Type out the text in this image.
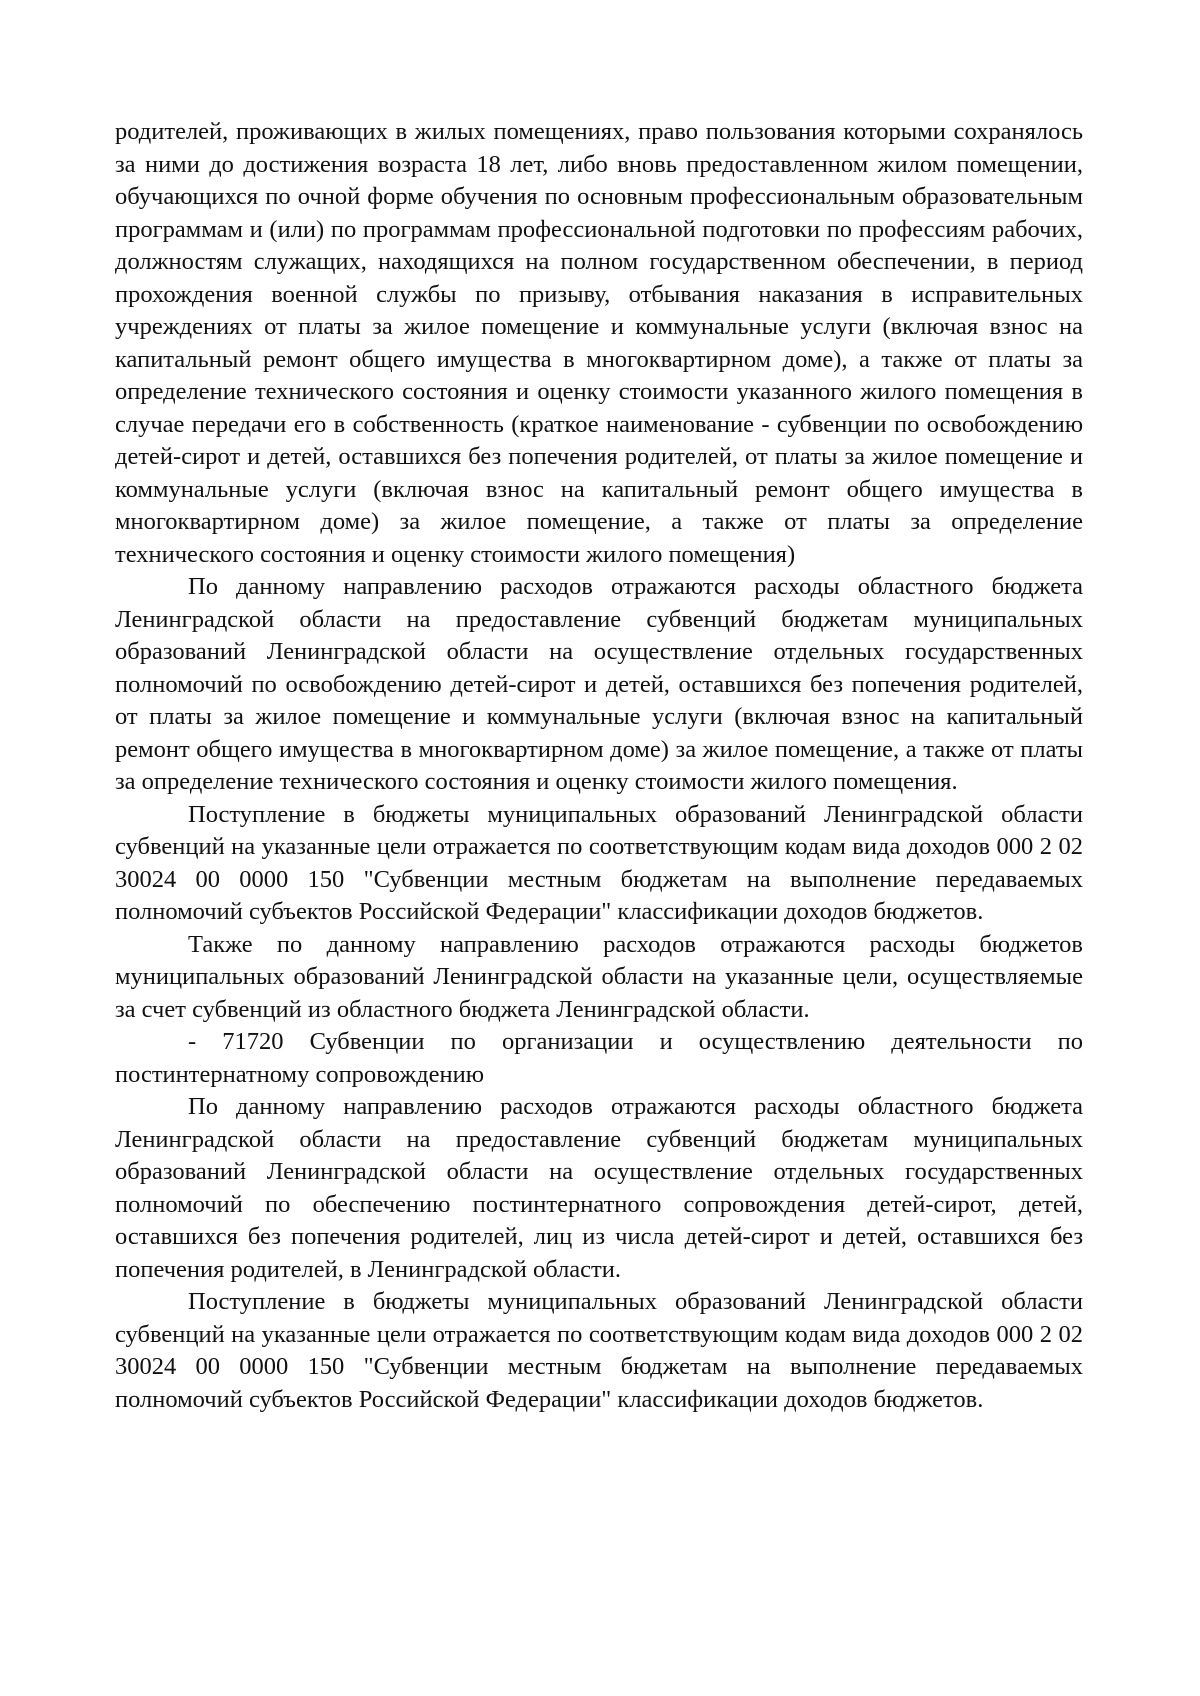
родителей, проживающих в жилых помещениях, право пользования которыми сохранялось за ними до достижения возраста 18 лет, либо вновь предоставленном жилом помещении, обучающихся по очной форме обучения по основным профессиональным образовательным программам и (или) по программам профессиональной подготовки по профессиям рабочих, должностям служащих, находящихся на полном государственном обеспечении, в период прохождения военной службы по призыву, отбывания наказания в исправительных учреждениях от платы за жилое помещение и коммунальные услуги (включая взнос на капитальный ремонт общего имущества в многоквартирном доме), а также от платы за определение технического состояния и оценку стоимости указанного жилого помещения в случае передачи его в собственность (краткое наименование - субвенции по освобождению детей-сирот и детей, оставшихся без попечения родителей, от платы за жилое помещение и коммунальные услуги (включая взнос на капитальный ремонт общего имущества в многоквартирном доме) за жилое помещение, а также от платы за определение технического состояния и оценку стоимости жилого помещения)

По данному направлению расходов отражаются расходы областного бюджета Ленинградской области на предоставление субвенций бюджетам муниципальных образований Ленинградской области на осуществление отдельных государственных полномочий по освобождению детей-сирот и детей, оставшихся без попечения родителей, от платы за жилое помещение и коммунальные услуги (включая взнос на капитальный ремонт общего имущества в многоквартирном доме) за жилое помещение, а также от платы за определение технического состояния и оценку стоимости жилого помещения.

Поступление в бюджеты муниципальных образований Ленинградской области субвенций на указанные цели отражается по соответствующим кодам вида доходов 000 2 02 30024 00 0000 150 "Субвенции местным бюджетам на выполнение передаваемых полномочий субъектов Российской Федерации" классификации доходов бюджетов.

Также по данному направлению расходов отражаются расходы бюджетов муниципальных образований Ленинградской области на указанные цели, осуществляемые за счет субвенций из областного бюджета Ленинградской области.

- 71720 Субвенции по организации и осуществлению деятельности по постинтернатному сопровождению

По данному направлению расходов отражаются расходы областного бюджета Ленинградской области на предоставление субвенций бюджетам муниципальных образований Ленинградской области на осуществление отдельных государственных полномочий по обеспечению постинтернатного сопровождения детей-сирот, детей, оставшихся без попечения родителей, лиц из числа детей-сирот и детей, оставшихся без попечения родителей, в Ленинградской области.

Поступление в бюджеты муниципальных образований Ленинградской области субвенций на указанные цели отражается по соответствующим кодам вида доходов 000 2 02 30024 00 0000 150 "Субвенции местным бюджетам на выполнение передаваемых полномочий субъектов Российской Федерации" классификации доходов бюджетов.
